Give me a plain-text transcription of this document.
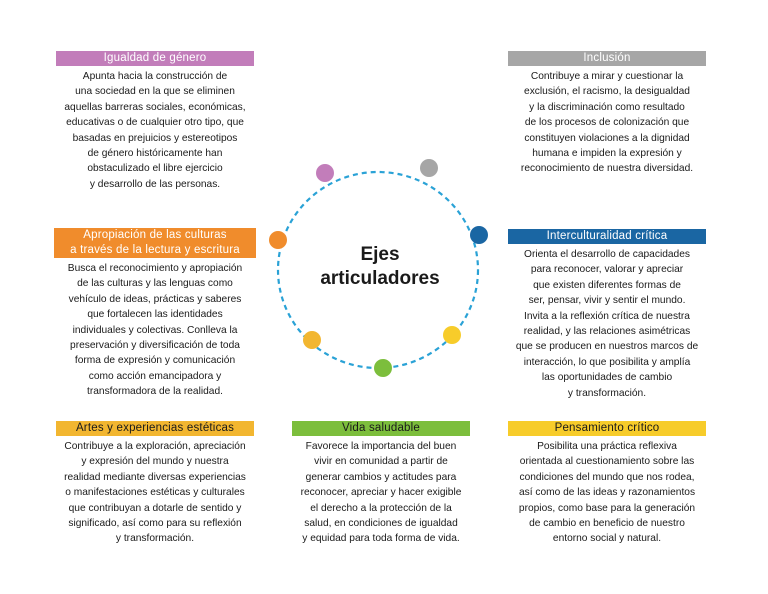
Ejes
articuladores
Igualdad de género
Apunta hacia la construcción de
una sociedad en la que se eliminen
aquellas barreras sociales, económicas,
educativas o de cualquier otro tipo, que
basadas en prejuicios y estereotipos
de género históricamente han
obstaculizado el libre ejercicio
y desarrollo de las personas.
Inclusión
Contribuye a mirar y cuestionar la
exclusión, el racismo, la desigualdad
y la discriminación como resultado
de los procesos de colonización que
constituyen violaciones a la dignidad
humana e impiden la expresión y
reconocimiento de nuestra diversidad.
Apropiación de las culturas
a través de la lectura y escritura
Busca el reconocimiento y apropiación
de las culturas y las lenguas como
vehículo de ideas, prácticas y saberes
que fortalecen las identidades
individuales y colectivas. Conlleva la
preservación y diversificación de toda
forma de expresión y comunicación
como acción emancipadora y
transformadora de la realidad.
Interculturalidad crítica
Orienta el desarrollo de capacidades
para reconocer, valorar y apreciar
que existen diferentes formas de
ser, pensar, vivir y sentir el mundo.
Invita a la reflexión crítica de nuestra
realidad, y las relaciones asimétricas
que se producen en nuestros marcos de
interacción, lo que posibilita y amplía
las oportunidades de cambio
y transformación.
Artes y experiencias estéticas
Contribuye a la exploración, apreciación
y expresión del mundo y nuestra
realidad mediante diversas experiencias
o manifestaciones estéticas y culturales
que contribuyan a dotarle de sentido y
significado, así como para su reflexión
y transformación.
Vida saludable
Favorece la importancia del buen
vivir en comunidad a partir de
generar cambios y actitudes para
reconocer, apreciar y hacer exigible
el derecho a la protección de la
salud, en condiciones de igualdad
y equidad para toda forma de vida.
Pensamiento crítico
Posibilita una práctica reflexiva
orientada al cuestionamiento sobre las
condiciones del mundo que nos rodea,
así como de las ideas y razonamientos
propios, como base para la generación
de cambio en beneficio de nuestro
entorno social y natural.
